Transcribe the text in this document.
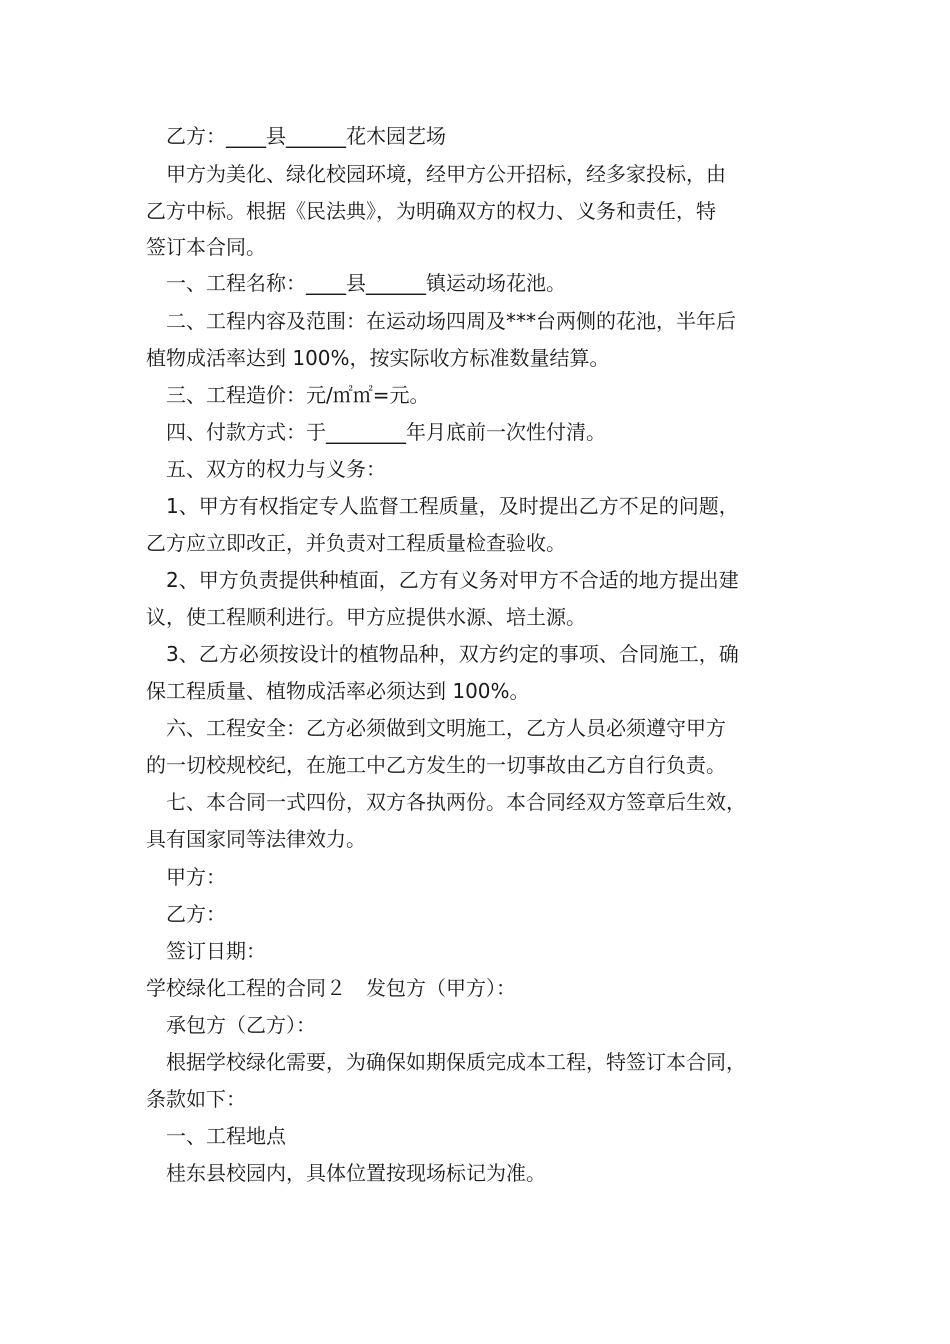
乙方：____县______花木园艺场
甲方为美化、绿化校园环境，经甲方公开招标，经多家投标，由
乙方中标。根据《民法典》，为明确双方的权力、义务和责任，特
签订本合同。
一、工程名称：____县______镇运动场花池。
二、工程内容及范围：在运动场四周及***台两侧的花池，半年后
植物成活率达到 100%，按实际收方标准数量结算。
三、工程造价：元/㎡㎡=元。
四、付款方式：于________年月底前一次性付清。
五、双方的权力与义务：
1、甲方有权指定专人监督工程质量，及时提出乙方不足的问题，
乙方应立即改正，并负责对工程质量检查验收。
2、甲方负责提供种植面，乙方有义务对甲方不合适的地方提出建
议，使工程顺利进行。甲方应提供水源、培土源。
3、乙方必须按设计的植物品种，双方约定的事项、合同施工，确
保工程质量、植物成活率必须达到 100%。
六、工程安全：乙方必须做到文明施工，乙方人员必须遵守甲方
的一切校规校纪，在施工中乙方发生的一切事故由乙方自行负责。
七、本合同一式四份，双方各执两份。本合同经双方签章后生效，
具有国家同等法律效力。
甲方：
乙方：
签订日期：
学校绿化工程的合同２　发包方（甲方）：
承包方（乙方）：
根据学校绿化需要，为确保如期保质完成本工程，特签订本合同，
条款如下：
一、工程地点
桂东县校园内，具体位置按现场标记为准。
